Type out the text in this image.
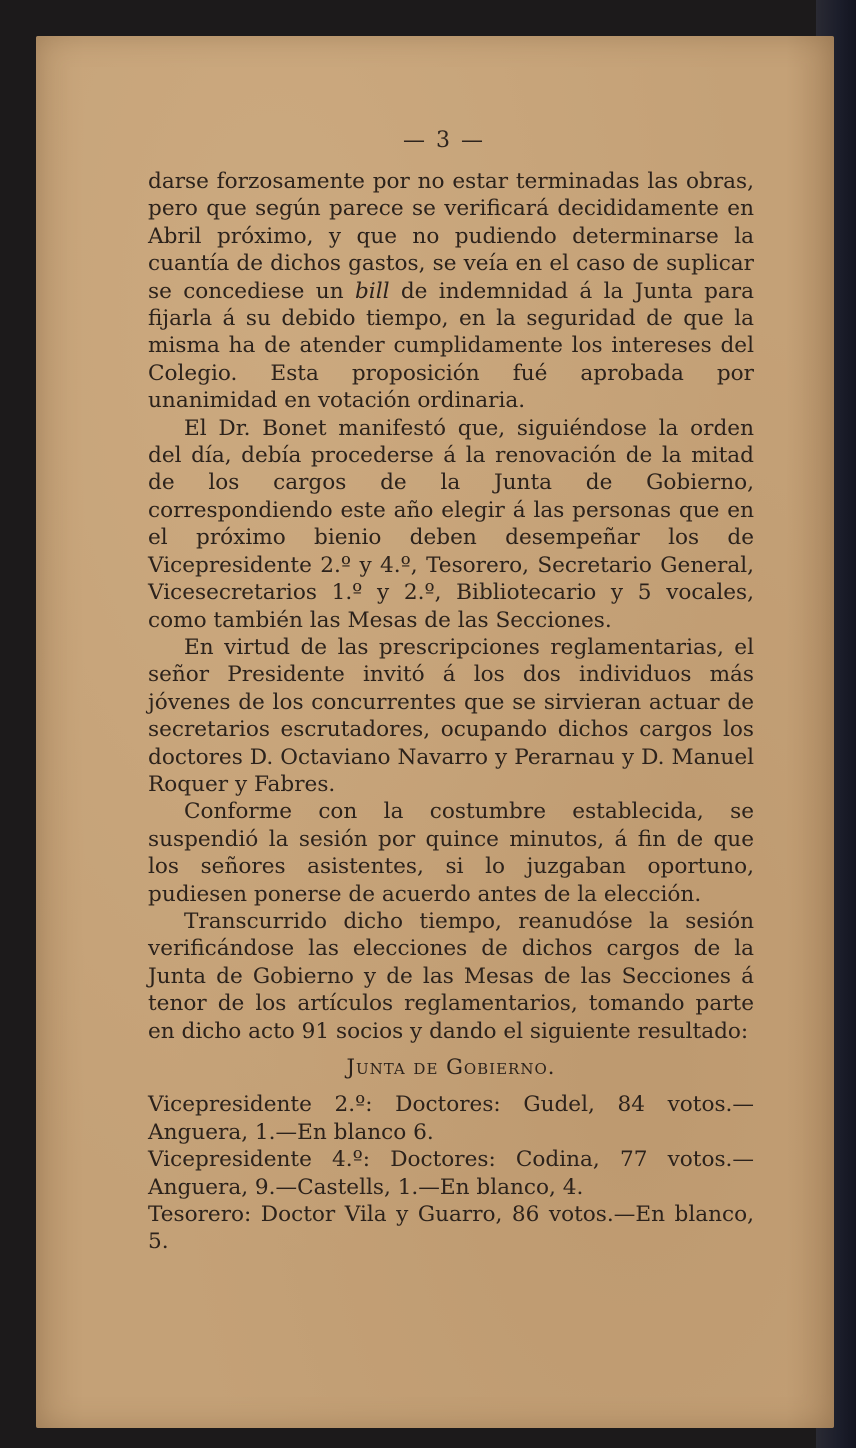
— 3 —

darse forzosamente por no estar terminadas las obras, pero que según parece se verificará decididamente en Abril próximo, y que no pudiendo determinarse la cuantía de dichos gastos, se veía en el caso de suplicar se concediese un bill de indemnidad á la Junta para fijarla á su debido tiempo, en la seguridad de que la misma ha de atender cumplidamente los intereses del Colegio. Esta proposición fué aprobada por unanimidad en votación ordinaria.

El Dr. Bonet manifestó que, siguiéndose la orden del día, debía procederse á la renovación de la mitad de los cargos de la Junta de Gobierno, correspondiendo este año elegir á las personas que en el próximo bienio deben desempeñar los de Vicepresidente 2.º y 4.º, Tesorero, Secretario General, Vicesecretarios 1.º y 2.º, Bibliotecario y 5 vocales, como también las Mesas de las Secciones.

En virtud de las prescripciones reglamentarias, el señor Presidente invitó á los dos individuos más jóvenes de los concurrentes que se sirvieran actuar de secretarios escrutadores, ocupando dichos cargos los doctores D. Octaviano Navarro y Perarnau y D. Manuel Roquer y Fabres.

Conforme con la costumbre establecida, se suspendió la sesión por quince minutos, á fin de que los señores asistentes, si lo juzgaban oportuno, pudiesen ponerse de acuerdo antes de la elección.

Transcurrido dicho tiempo, reanudóse la sesión verificándose las elecciones de dichos cargos de la Junta de Gobierno y de las Mesas de las Secciones á tenor de los artículos reglamentarios, tomando parte en dicho acto 91 socios y dando el siguiente resultado:

Junta de Gobierno.

Vicepresidente 2.º: Doctores: Gudel, 84 votos.—Anguera, 1.—En blanco 6.

Vicepresidente 4.º: Doctores: Codina, 77 votos.—Anguera, 9.—Castells, 1.—En blanco, 4.

Tesorero: Doctor Vila y Guarro, 86 votos.—En blanco, 5.
